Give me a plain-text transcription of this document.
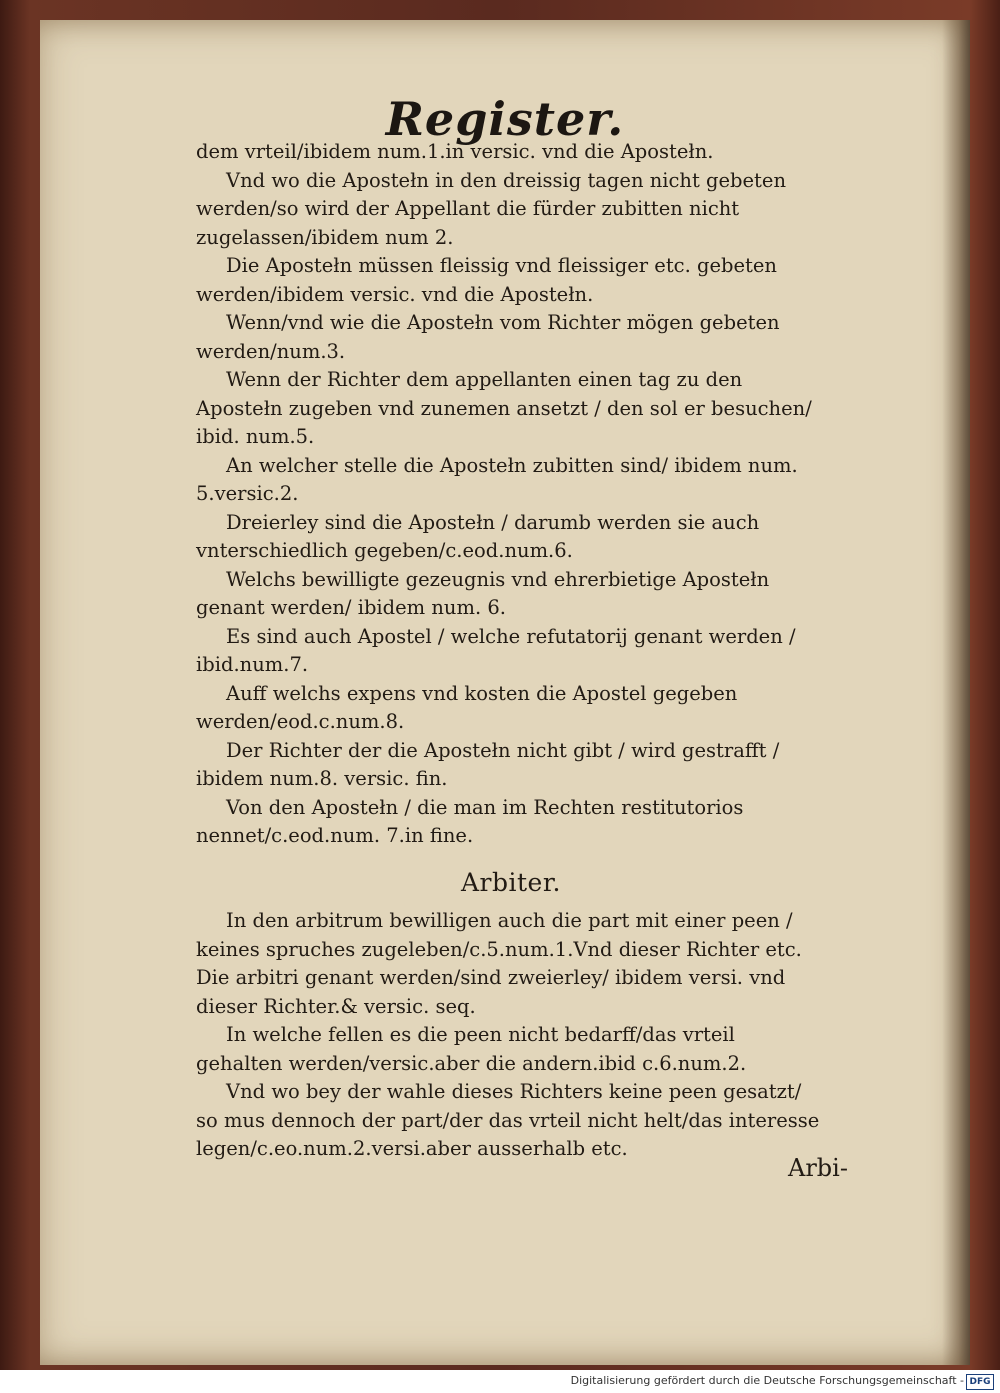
Register.

dem vrteil/ibidem num.1.in versic. vnd die Apostełn.

Vnd wo die Apostełn in den dreissig tagen nicht gebeten werden/so wird der Appellant die fürder zubitten nicht zugelassen/ibidem num 2.

Die Apostełn müssen fleissig vnd fleissiger etc. gebeten werden/ibidem versic. vnd die Apostełn.

Wenn/vnd wie die Apostełn vom Richter mögen gebeten werden/num.3.

Wenn der Richter dem appellanten einen tag zu den Apostełn zugeben vnd zunemen ansetzt / den sol er besuchen/ ibid. num.5.

An welcher stelle die Apostełn zubitten sind/ ibidem num. 5.versic.2.

Dreierley sind die Apostełn / darumb werden sie auch vnterschiedlich gegeben/c.eod.num.6.

Welchs bewilligte gezeugnis vnd ehrerbietige Apostełn genant werden/ ibidem num. 6.

Es sind auch Apostel / welche refutatorij genant werden / ibid.num.7.

Auff welchs expens vnd kosten die Apostel gegeben werden/eod.c.num.8.

Der Richter der die Apostełn nicht gibt / wird gestrafft / ibidem num.8. versic. fin.

Von den Apostełn / die man im Rechten restitutorios nennet/c.eod.num. 7.in fine.

Arbiter.

In den arbitrum bewilligen auch die part mit einer peen / keines spruches zugeleben/c.5.num.1.Vnd dieser Richter etc. Die arbitri genant werden/sind zweierley/ ibidem versi. vnd dieser Richter.& versic. seq.

In welche fellen es die peen nicht bedarff/das vrteil gehalten werden/versic.aber die andern.ibid c.6.num.2.

Vnd wo bey der wahle dieses Richters keine peen gesatzt/ so mus dennoch der part/der das vrteil nicht helt/das interesse legen/c.eo.num.2.versi.aber ausserhalb etc.

Arbi-
Digitalisierung gefördert durch die Deutsche Forschungsgemeinschaft - DFG
